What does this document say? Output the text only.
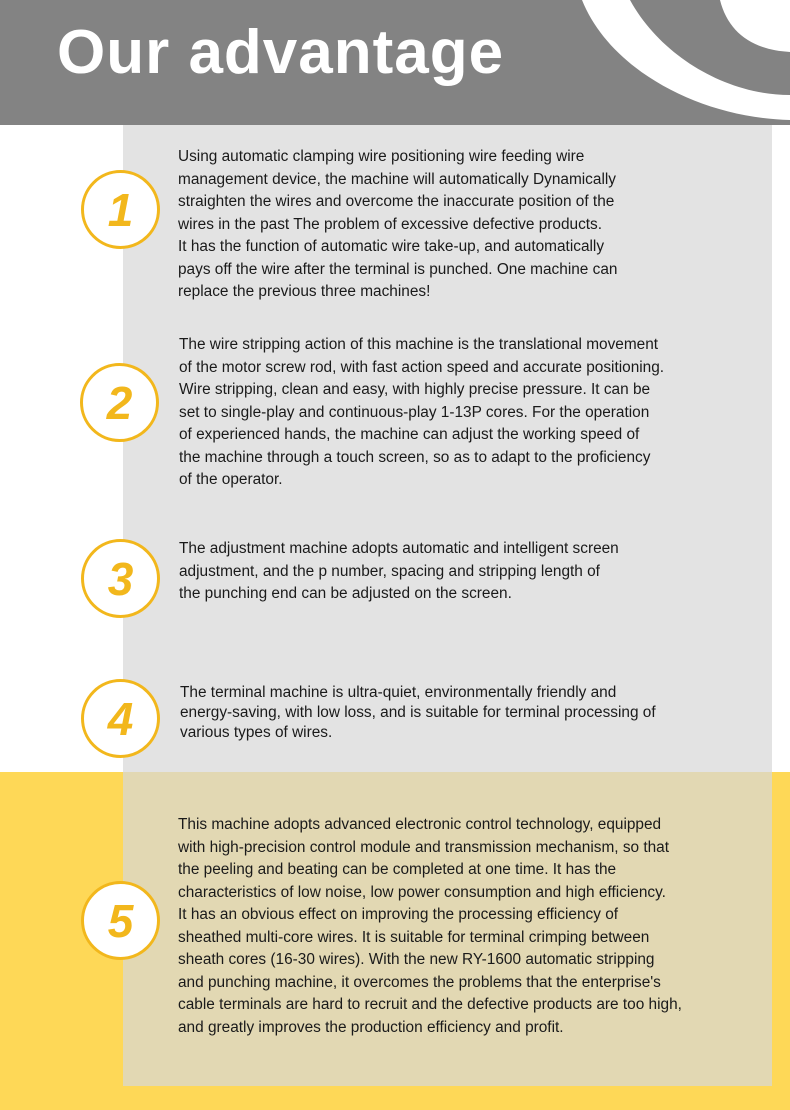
Our advantage
1
Using automatic clamping wire positioning wire feeding wire
management device, the machine will automatically Dynamically
straighten the wires and overcome the inaccurate position of the
wires in the past The problem of excessive defective products.
It has the function of automatic wire take-up, and automatically
pays off the wire after the terminal is punched. One machine can
replace the previous three machines!
2
The wire stripping action of this machine is the translational movement
of the motor screw rod, with fast action speed and accurate positioning.
Wire stripping, clean and easy, with highly precise pressure. It can be
set to single-play and continuous-play 1-13P cores. For the operation
of experienced hands, the machine can adjust the working speed of
the machine through a touch screen, so as to adapt to the proficiency
of the operator.
3
The adjustment machine adopts automatic and intelligent screen
adjustment, and the p number, spacing and stripping length of
the punching end can be adjusted on the screen.
4	The terminal machine is ultra-quiet, environmentally friendly and
energy-saving, with low loss, and is suitable for terminal processing of
various types of wires.
5
This machine adopts advanced electronic control technology, equipped
with high-precision control module and transmission mechanism, so that
the peeling and beating can be completed at one time. It has the
characteristics of low noise, low power consumption and high efficiency.
It has an obvious effect on improving the processing efficiency of
sheathed multi-core wires. It is suitable for terminal crimping between
sheath cores (16-30 wires). With the new RY-1600 automatic stripping
and punching machine, it overcomes the problems that the enterprise's
cable terminals are hard to recruit and the defective products are too high,
and greatly improves the production efficiency and profit.
